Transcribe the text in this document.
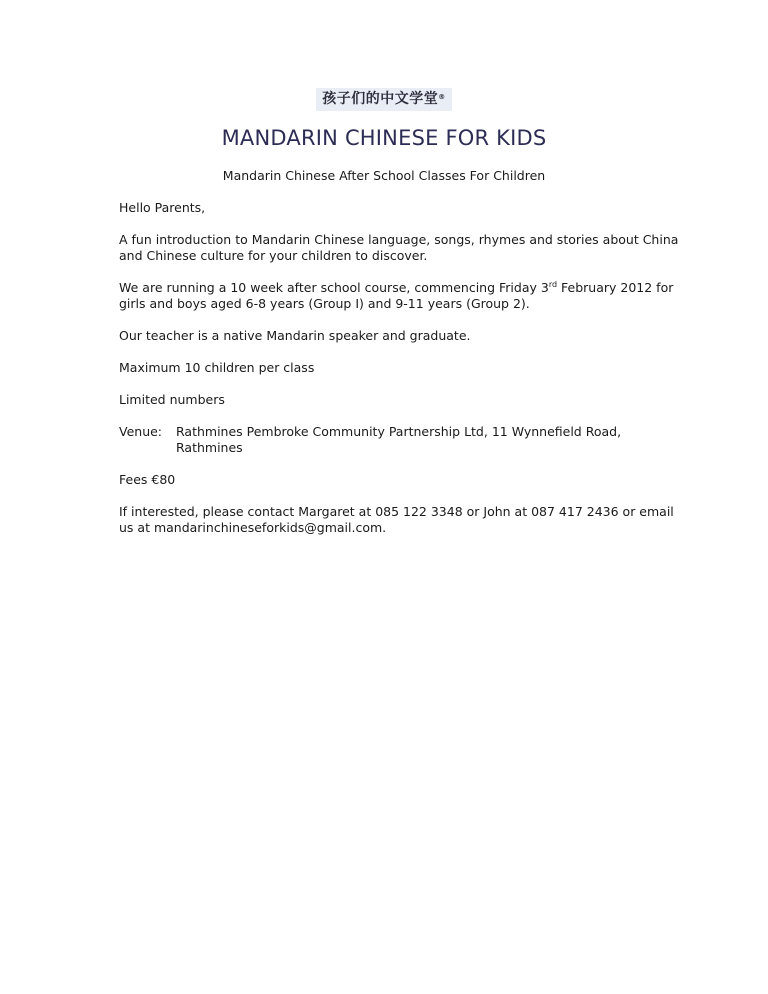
孩子们的中文学堂®
MANDARIN CHINESE FOR KIDS
Mandarin Chinese After School Classes For Children

Hello Parents,

A fun introduction to Mandarin Chinese language, songs, rhymes and stories about China and Chinese culture for your children to discover.

We are running a 10 week after school course, commencing Friday 3rd February 2012 for girls and boys aged 6-8 years (Group I) and 9-11 years (Group 2).

Our teacher is a native Mandarin speaker and graduate.

Maximum 10 children per class

Limited numbers

Venue:	Rathmines Pembroke Community Partnership Ltd, 11 Wynnefield Road, Rathmines

Fees €80

If interested, please contact Margaret at 085 122 3348 or John at 087 417 2436 or email us at mandarinchineseforkids@gmail.com.
